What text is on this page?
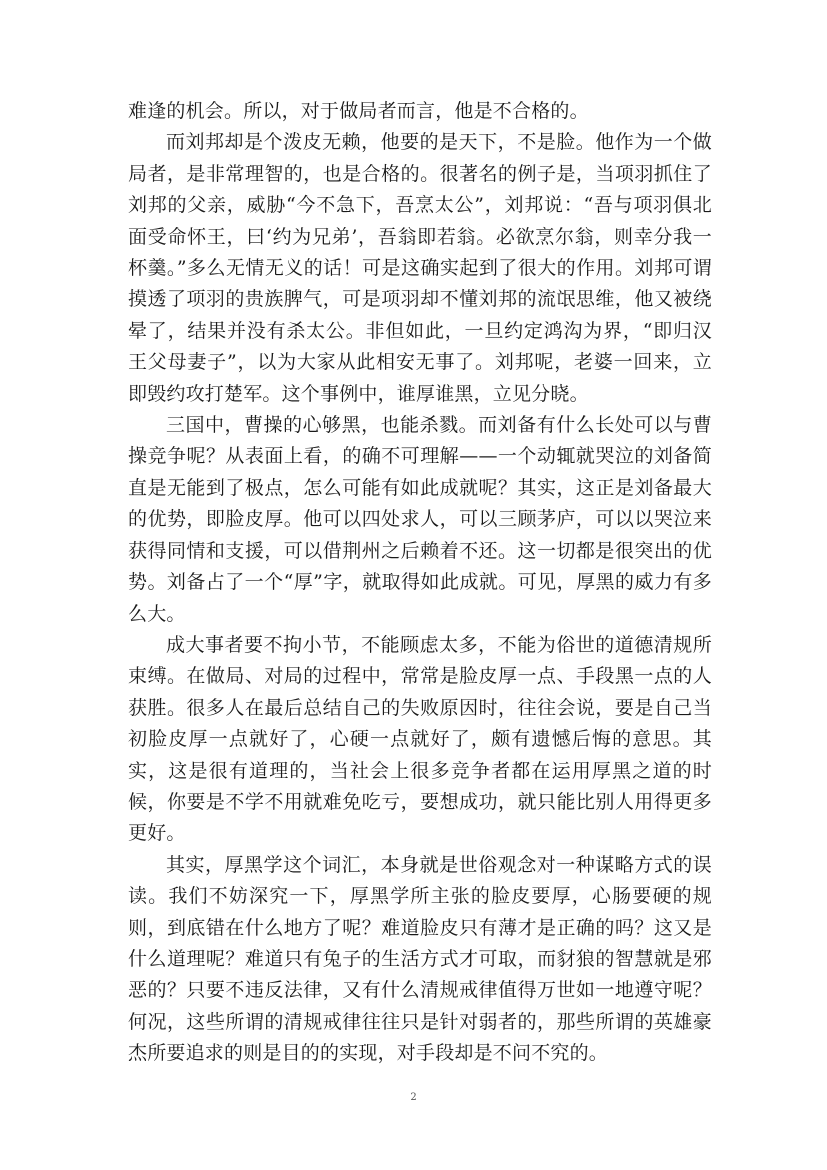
难逢的机会。所以，对于做局者而言，他是不合格的。

而刘邦却是个泼皮无赖，他要的是天下，不是脸。他作为一个做局者，是非常理智的，也是合格的。很著名的例子是，当项羽抓住了刘邦的父亲，威胁“今不急下，吾烹太公”，刘邦说：“吾与项羽俱北面受命怀王，曰‘约为兄弟’，吾翁即若翁。必欲烹尔翁，则幸分我一杯羹。”多么无情无义的话！可是这确实起到了很大的作用。刘邦可谓摸透了项羽的贵族脾气，可是项羽却不懂刘邦的流氓思维，他又被绕晕了，结果并没有杀太公。非但如此，一旦约定鸿沟为界，“即归汉王父母妻子”，以为大家从此相安无事了。刘邦呢，老婆一回来，立即毁约攻打楚军。这个事例中，谁厚谁黑，立见分晓。

三国中，曹操的心够黑，也能杀戮。而刘备有什么长处可以与曹操竞争呢？从表面上看，的确不可理解——一个动辄就哭泣的刘备简直是无能到了极点，怎么可能有如此成就呢？其实，这正是刘备最大的优势，即脸皮厚。他可以四处求人，可以三顾茅庐，可以以哭泣来获得同情和支援，可以借荆州之后赖着不还。这一切都是很突出的优势。刘备占了一个“厚”字，就取得如此成就。可见，厚黑的威力有多么大。

成大事者要不拘小节，不能顾虑太多，不能为俗世的道德清规所束缚。在做局、对局的过程中，常常是脸皮厚一点、手段黑一点的人获胜。很多人在最后总结自己的失败原因时，往往会说，要是自己当初脸皮厚一点就好了，心硬一点就好了，颇有遗憾后悔的意思。其实，这是很有道理的，当社会上很多竞争者都在运用厚黑之道的时候，你要是不学不用就难免吃亏，要想成功，就只能比别人用得更多更好。

其实，厚黑学这个词汇，本身就是世俗观念对一种谋略方式的误读。我们不妨深究一下，厚黑学所主张的脸皮要厚，心肠要硬的规则，到底错在什么地方了呢？难道脸皮只有薄才是正确的吗？这又是什么道理呢？难道只有兔子的生活方式才可取，而豺狼的智慧就是邪恶的？只要不违反法律，又有什么清规戒律值得万世如一地遵守呢？何况，这些所谓的清规戒律往往只是针对弱者的，那些所谓的英雄豪杰所要追求的则是目的的实现，对手段却是不问不究的。

2
